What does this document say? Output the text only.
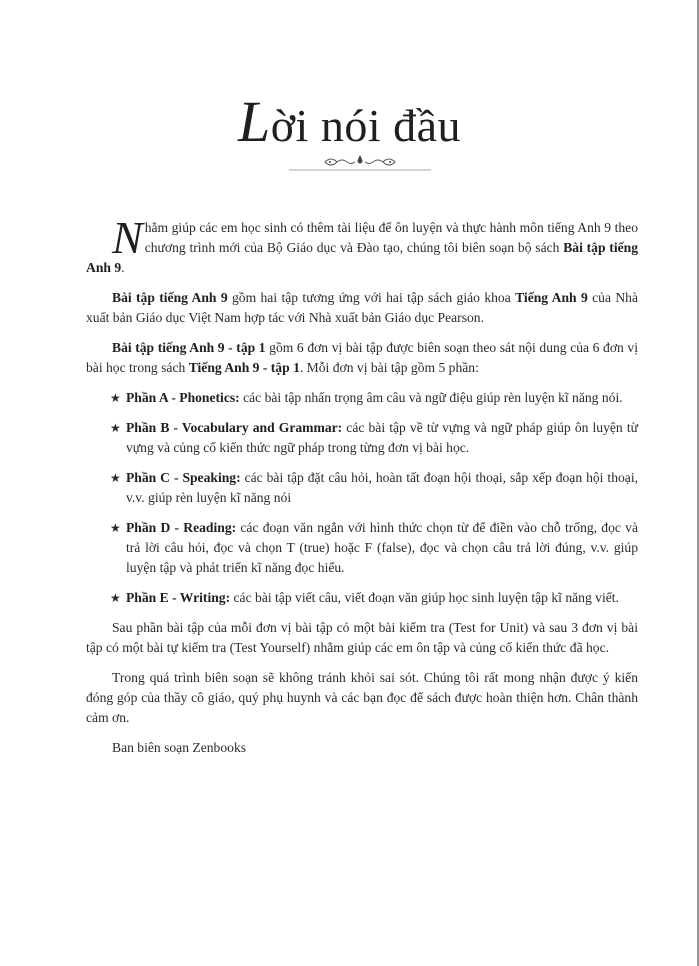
Lời nói đầu

Nhằm giúp các em học sinh có thêm tài liệu để ôn luyện và thực hành môn tiếng Anh 9 theo chương trình mới của Bộ Giáo dục và Đào tạo, chúng tôi biên soạn bộ sách Bài tập tiếng Anh 9.

Bài tập tiếng Anh 9 gồm hai tập tương ứng với hai tập sách giáo khoa Tiếng Anh 9 của Nhà xuất bản Giáo dục Việt Nam hợp tác với Nhà xuất bản Giáo dục Pearson.

Bài tập tiếng Anh 9 - tập 1 gồm 6 đơn vị bài tập được biên soạn theo sát nội dung của 6 đơn vị bài học trong sách Tiếng Anh 9 - tập 1. Mỗi đơn vị bài tập gồm 5 phần:

★ Phần A - Phonetics: các bài tập nhấn trọng âm câu và ngữ điệu giúp rèn luyện kĩ năng nói.
★ Phần B - Vocabulary and Grammar: các bài tập về từ vựng và ngữ pháp giúp ôn luyện từ vựng và củng cố kiến thức ngữ pháp trong từng đơn vị bài học.
★ Phần C - Speaking: các bài tập đặt câu hỏi, hoàn tất đoạn hội thoại, sắp xếp đoạn hội thoại, v.v. giúp rèn luyện kĩ năng nói
★ Phần D - Reading: các đoạn văn ngắn với hình thức chọn từ để điền vào chỗ trống, đọc và trả lời câu hỏi, đọc và chọn T (true) hoặc F (false), đọc và chọn câu trả lời đúng, v.v. giúp luyện tập và phát triển kĩ năng đọc hiểu.
★ Phần E - Writing: các bài tập viết câu, viết đoạn văn giúp học sinh luyện tập kĩ năng viết.

Sau phần bài tập của mỗi đơn vị bài tập có một bài kiểm tra (Test for Unit) và sau 3 đơn vị bài tập có một bài tự kiểm tra (Test Yourself) nhằm giúp các em ôn tập và củng cố kiến thức đã học.

Trong quá trình biên soạn sẽ không tránh khỏi sai sót. Chúng tôi rất mong nhận được ý kiến đóng góp của thầy cô giáo, quý phụ huynh và các bạn đọc để sách được hoàn thiện hơn. Chân thành cảm ơn.

Ban biên soạn Zenbooks
